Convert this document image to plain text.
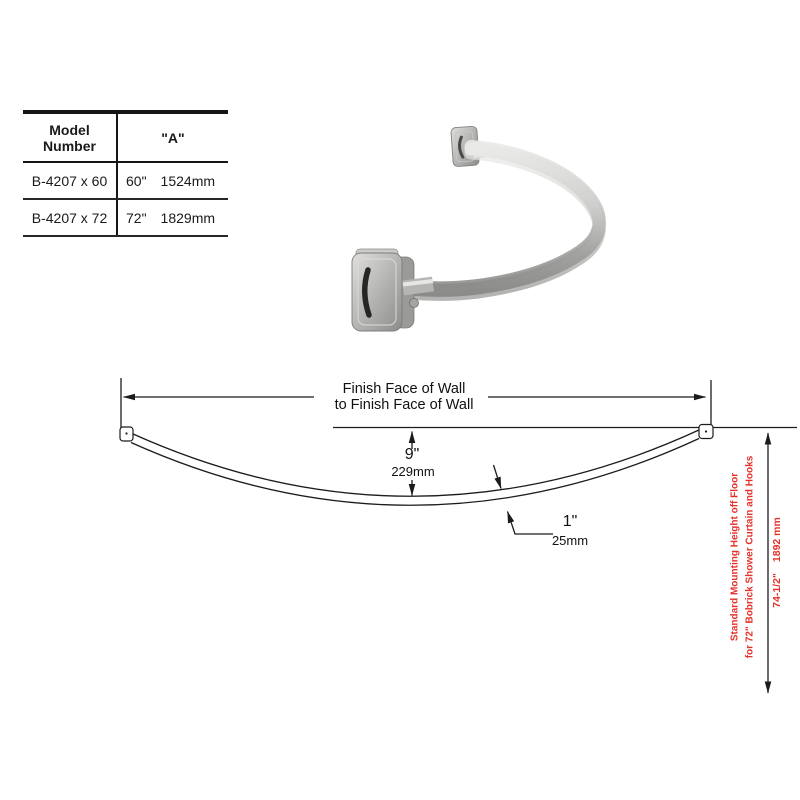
Model Number	"A"
B-4207 x 60	60" 1524mm
B-4207 x 72	72" 1829mm
Finish Face of Wall
to Finish Face of Wall
9"
229mm
1"
25mm	Standard Mounting Height off Floor for 72" Bobrick Shower Curtain and Hooks 74-1/2"1892 mm
